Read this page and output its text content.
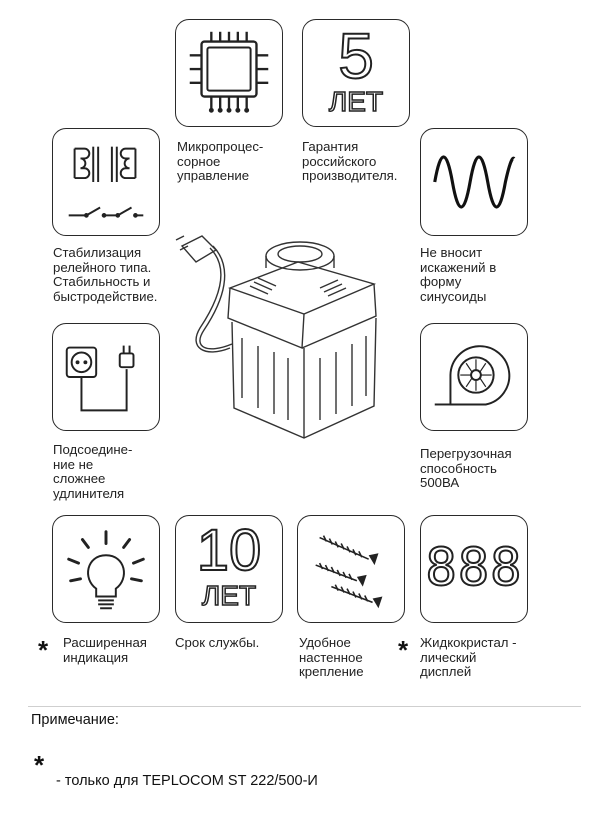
Микропроцес-
сорное
управление
5
ЛЕТ
Гарантия
российского
производителя.
Стабилизация
релейного типа.
Стабильность и
быстродействие.
Не вносит
искажений в
форму
синусоиды
Подсоедине-
ние не
сложнее
удлинителя
Перегрузочная
способность
500ВА
* Расширенная
индикация
10
ЛЕТ
Срок службы.	Удобное
настенное
крепление
888
* Жидкокристал -
лический
дисплей
Примечание:
*
- только для TEPLOCOM ST 222/500-И
